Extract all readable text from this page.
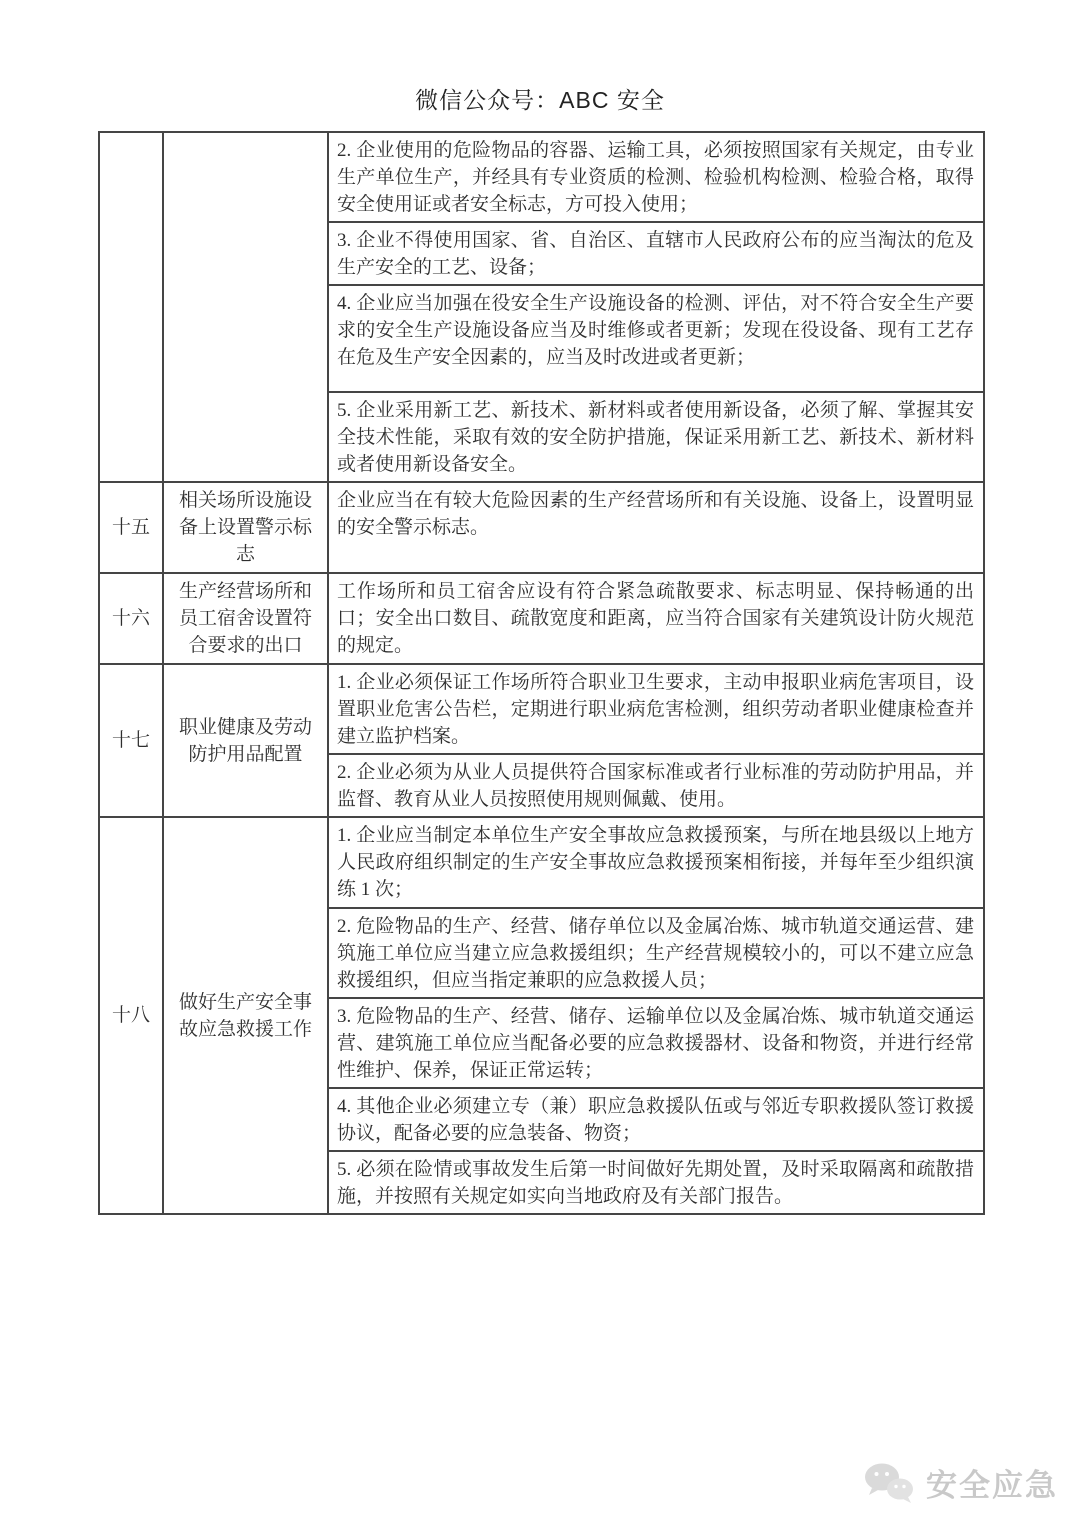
微信公众号：ABC 安全
2. 企业使用的危险物品的容器、运输工具，必须按照国家有关规定，由专业生产单位生产，并经具有专业资质的检测、检验机构检测、检验合格，取得安全使用证或者安全标志，方可投入使用；
3. 企业不得使用国家、省、自治区、直辖市人民政府公布的应当淘汰的危及生产安全的工艺、设备；
4. 企业应当加强在役安全生产设施设备的检测、评估，对不符合安全生产要求的安全生产设施设备应当及时维修或者更新；发现在役设备、现有工艺存在危及生产安全因素的，应当及时改进或者更新；
5. 企业采用新工艺、新技术、新材料或者使用新设备，必须了解、掌握其安全技术性能，采取有效的安全防护措施，保证采用新工艺、新技术、新材料或者使用新设备安全。
十五
相关场所设施设备上设置警示标志
企业应当在有较大危险因素的生产经营场所和有关设施、设备上，设置明显的安全警示标志。
十六
生产经营场所和员工宿舍设置符合要求的出口
工作场所和员工宿舍应设有符合紧急疏散要求、标志明显、保持畅通的出口；安全出口数目、疏散宽度和距离，应当符合国家有关建筑设计防火规范的规定。
十七
职业健康及劳动防护用品配置
1. 企业必须保证工作场所符合职业卫生要求，主动申报职业病危害项目，设置职业危害公告栏，定期进行职业病危害检测，组织劳动者职业健康检查并建立监护档案。
2. 企业必须为从业人员提供符合国家标准或者行业标准的劳动防护用品，并监督、教育从业人员按照使用规则佩戴、使用。
十八
做好生产安全事故应急救援工作
1. 企业应当制定本单位生产安全事故应急救援预案，与所在地县级以上地方人民政府组织制定的生产安全事故应急救援预案相衔接，并每年至少组织演练 1 次；
2. 危险物品的生产、经营、储存单位以及金属冶炼、城市轨道交通运营、建筑施工单位应当建立应急救援组织；生产经营规模较小的，可以不建立应急救援组织，但应当指定兼职的应急救援人员；
3. 危险物品的生产、经营、储存、运输单位以及金属冶炼、城市轨道交通运营、建筑施工单位应当配备必要的应急救援器材、设备和物资，并进行经常性维护、保养，保证正常运转；
4. 其他企业必须建立专（兼）职应急救援队伍或与邻近专职救援队签订救援协议，配备必要的应急装备、物资；
5. 必须在险情或事故发生后第一时间做好先期处置，及时采取隔离和疏散措施，并按照有关规定如实向当地政府及有关部门报告。
安全应急
